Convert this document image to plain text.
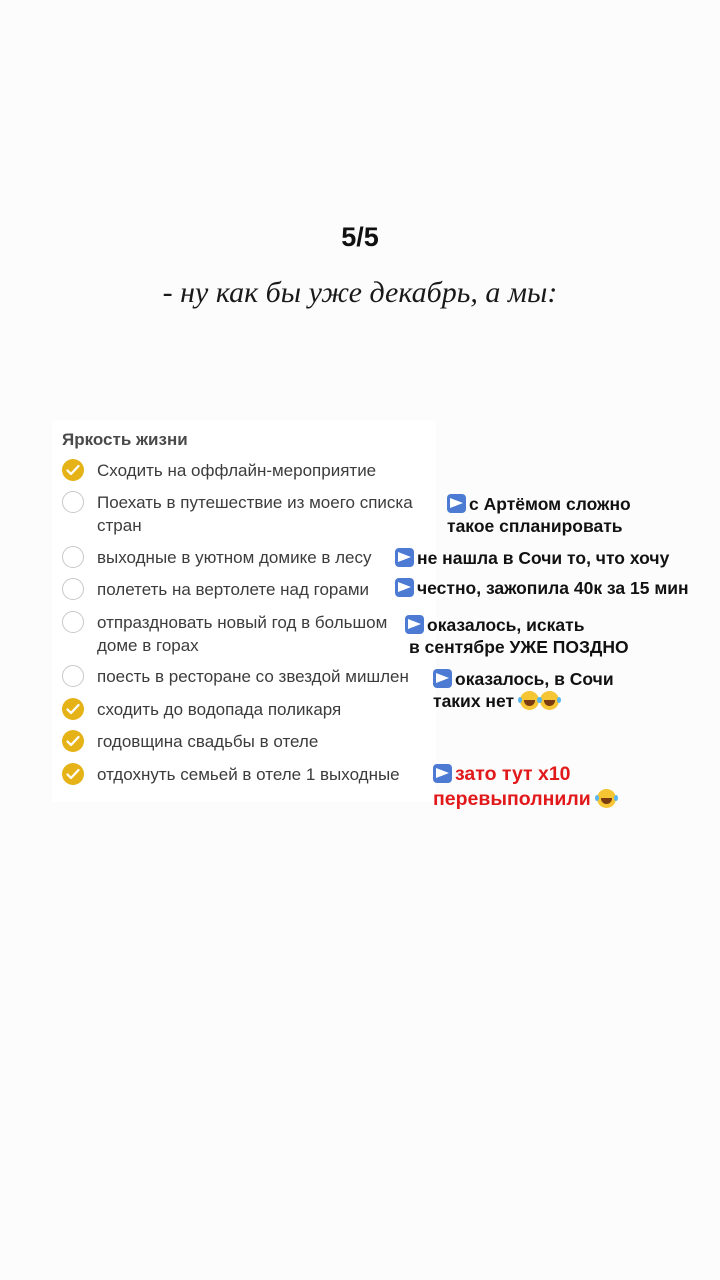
5/5
- ну как бы уже декабрь, а мы:
Яркость жизни
Сходить на оффлайн-мероприятие
Поехать в путешествие из моего списка стран
выходные в уютном домике в лесу
полететь на вертолете над горами
отпраздновать новый год в большом доме в горах
поесть в ресторане со звездой мишлен
сходить до водопада поликаря
годовщина свадьбы в отеле
отдохнуть семьей в отеле 1 выходные
с Артёмом сложно
такое спланировать
не нашла в Сочи то, что хочу
честно, зажопила 40к за 15 мин
оказалось, искать
в сентябре УЖЕ ПОЗДНО
оказалось, в Сочи
таких нет
зато тут х10
перевыполнили
